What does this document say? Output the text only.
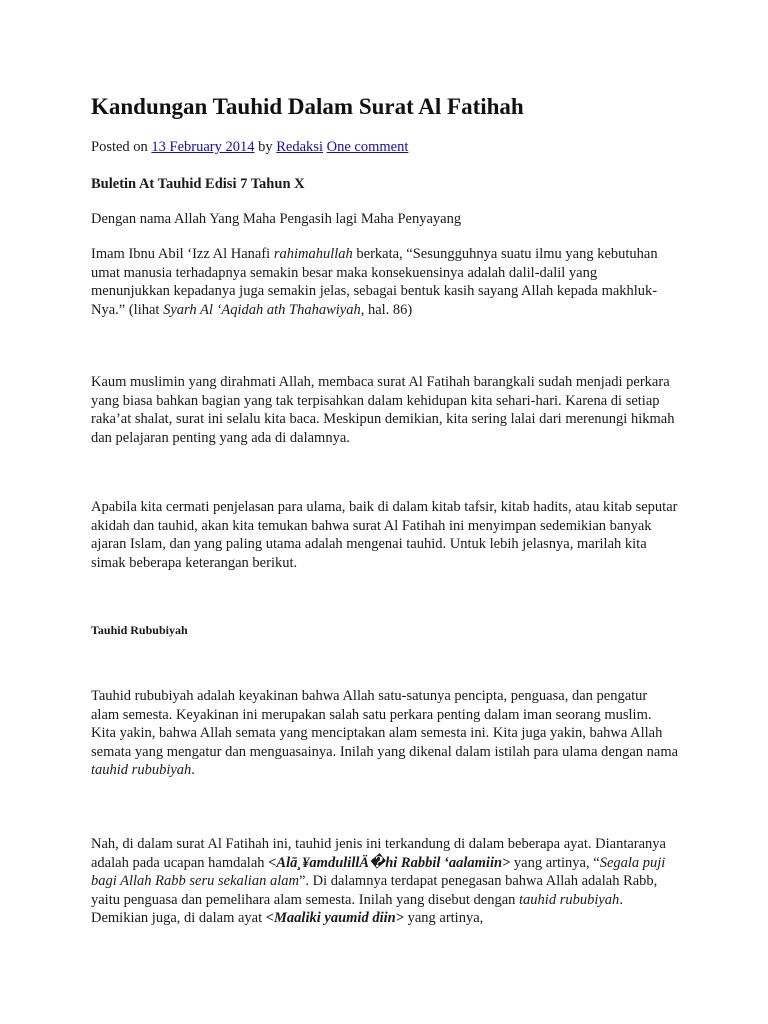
Kandungan Tauhid Dalam Surat Al Fatihah
Posted on 13 February 2014 by Redaksi One comment
Buletin At Tauhid Edisi 7 Tahun X

Dengan nama Allah Yang Maha Pengasih lagi Maha Penyayang

Imam Ibnu Abil ‘Izz Al Hanafi rahimahullah berkata, “Sesungguhnya suatu ilmu yang kebutuhan umat manusia terhadapnya semakin besar maka konsekuensinya adalah dalil-dalil yang menunjukkan kepadanya juga semakin jelas, sebagai bentuk kasih sayang Allah kepada makhluk-Nya.” (lihat Syarh Al ‘Aqidah ath Thahawiyah, hal. 86)

Kaum muslimin yang dirahmati Allah, membaca surat Al Fatihah barangkali sudah menjadi perkara yang biasa bahkan bagian yang tak terpisahkan dalam kehidupan kita sehari-hari. Karena di setiap raka’at shalat, surat ini selalu kita baca. Meskipun demikian, kita sering lalai dari merenungi hikmah dan pelajaran penting yang ada di dalamnya.

Apabila kita cermati penjelasan para ulama, baik di dalam kitab tafsir, kitab hadits, atau kitab seputar akidah dan tauhid, akan kita temukan bahwa surat Al Fatihah ini menyimpan sedemikian banyak ajaran Islam, dan yang paling utama adalah mengenai tauhid. Untuk lebih jelasnya, marilah kita simak beberapa keterangan berikut.

Tauhid Rububiyah

Tauhid rububiyah adalah keyakinan bahwa Allah satu-satunya pencipta, penguasa, dan pengatur alam semesta. Keyakinan ini merupakan salah satu perkara penting dalam iman seorang muslim. Kita yakin, bahwa Allah semata yang menciptakan alam semesta ini. Kita juga yakin, bahwa Allah semata yang mengatur dan menguasainya. Inilah yang dikenal dalam istilah para ulama dengan nama tauhid rububiyah.

Nah, di dalam surat Al Fatihah ini, tauhid jenis ini terkandung di dalam beberapa ayat. Diantaranya adalah pada ucapan hamdalah <Alā¸¥amdulillÄ�hi Rabbil ‘aalamiin> yang artinya, “Segala puji bagi Allah Rabb seru sekalian alam”. Di dalamnya terdapat penegasan bahwa Allah adalah Rabb, yaitu penguasa dan pemelihara alam semesta. Inilah yang disebut dengan tauhid rububiyah. Demikian juga, di dalam ayat <Maaliki yaumid diin> yang artinya,
